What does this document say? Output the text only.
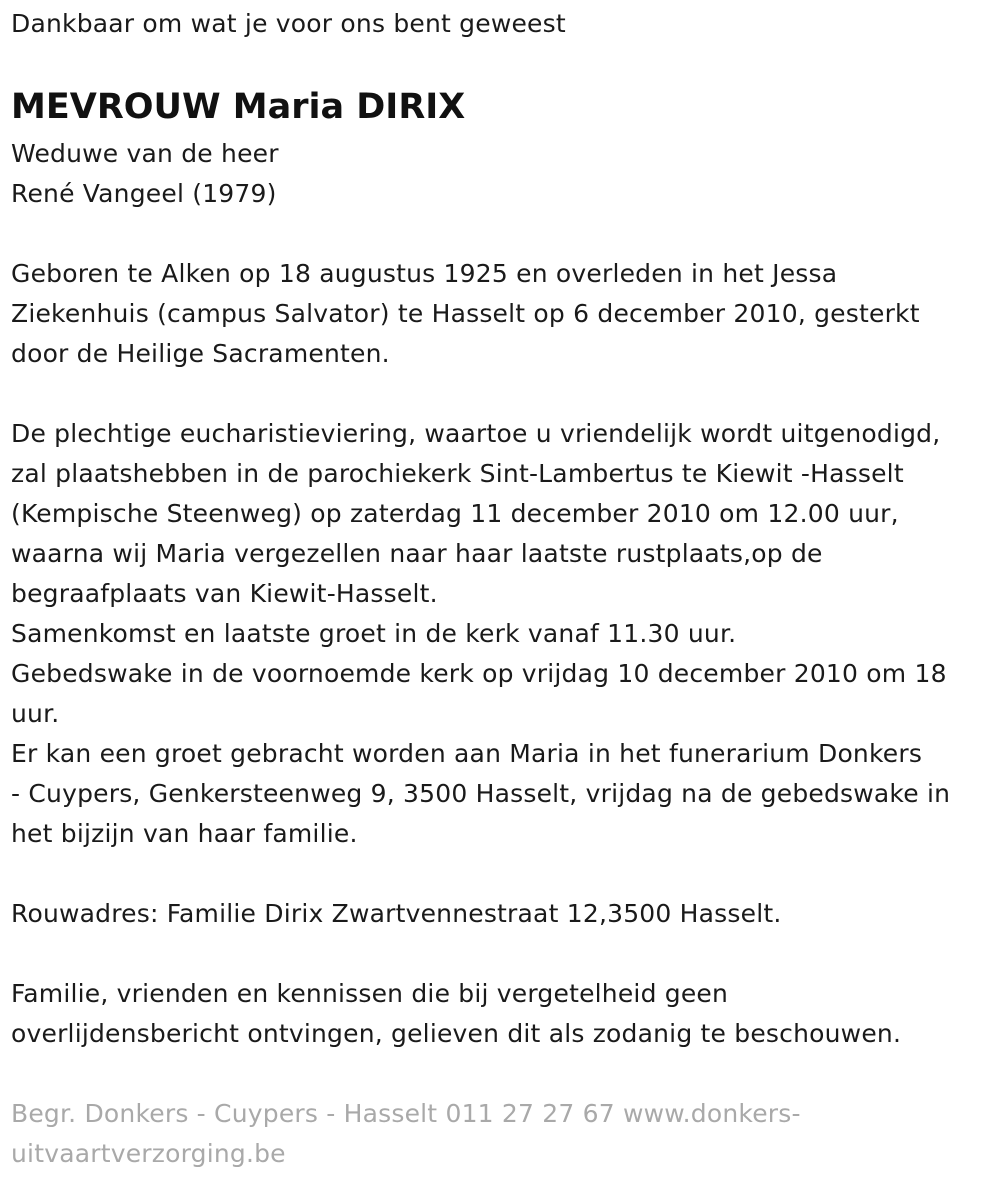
Dankbaar om wat je voor ons bent geweest

MEVROUW Maria DIRIX

Weduwe van de heer

René Vangeel (1979)

Geboren te Alken op 18 augustus 1925 en overleden in het Jessa

Ziekenhuis (campus Salvator) te Hasselt op 6 december 2010, gesterkt

door de Heilige Sacramenten.

De plechtige eucharistieviering, waartoe u vriendelijk wordt uitgenodigd,

zal plaatshebben in de parochiekerk Sint-Lambertus te Kiewit -Hasselt

(Kempische Steenweg) op zaterdag 11 december 2010 om 12.00 uur,

waarna wij Maria vergezellen naar haar laatste rustplaats,op de

begraafplaats van Kiewit-Hasselt.

Samenkomst en laatste groet in de kerk vanaf 11.30 uur.

Gebedswake in de voornoemde kerk op vrijdag 10 december 2010 om 18

uur.

Er kan een groet gebracht worden aan Maria in het funerarium Donkers

- Cuypers, Genkersteenweg 9, 3500 Hasselt, vrijdag na de gebedswake in

het bijzijn van haar familie.

Rouwadres: Familie Dirix Zwartvennestraat 12,3500 Hasselt.

Familie, vrienden en kennissen die bij vergetelheid geen

overlijdensbericht ontvingen, gelieven dit als zodanig te beschouwen.

Begr. Donkers - Cuypers - Hasselt 011 27 27 67 www.donkers-

uitvaartverzorging.be
